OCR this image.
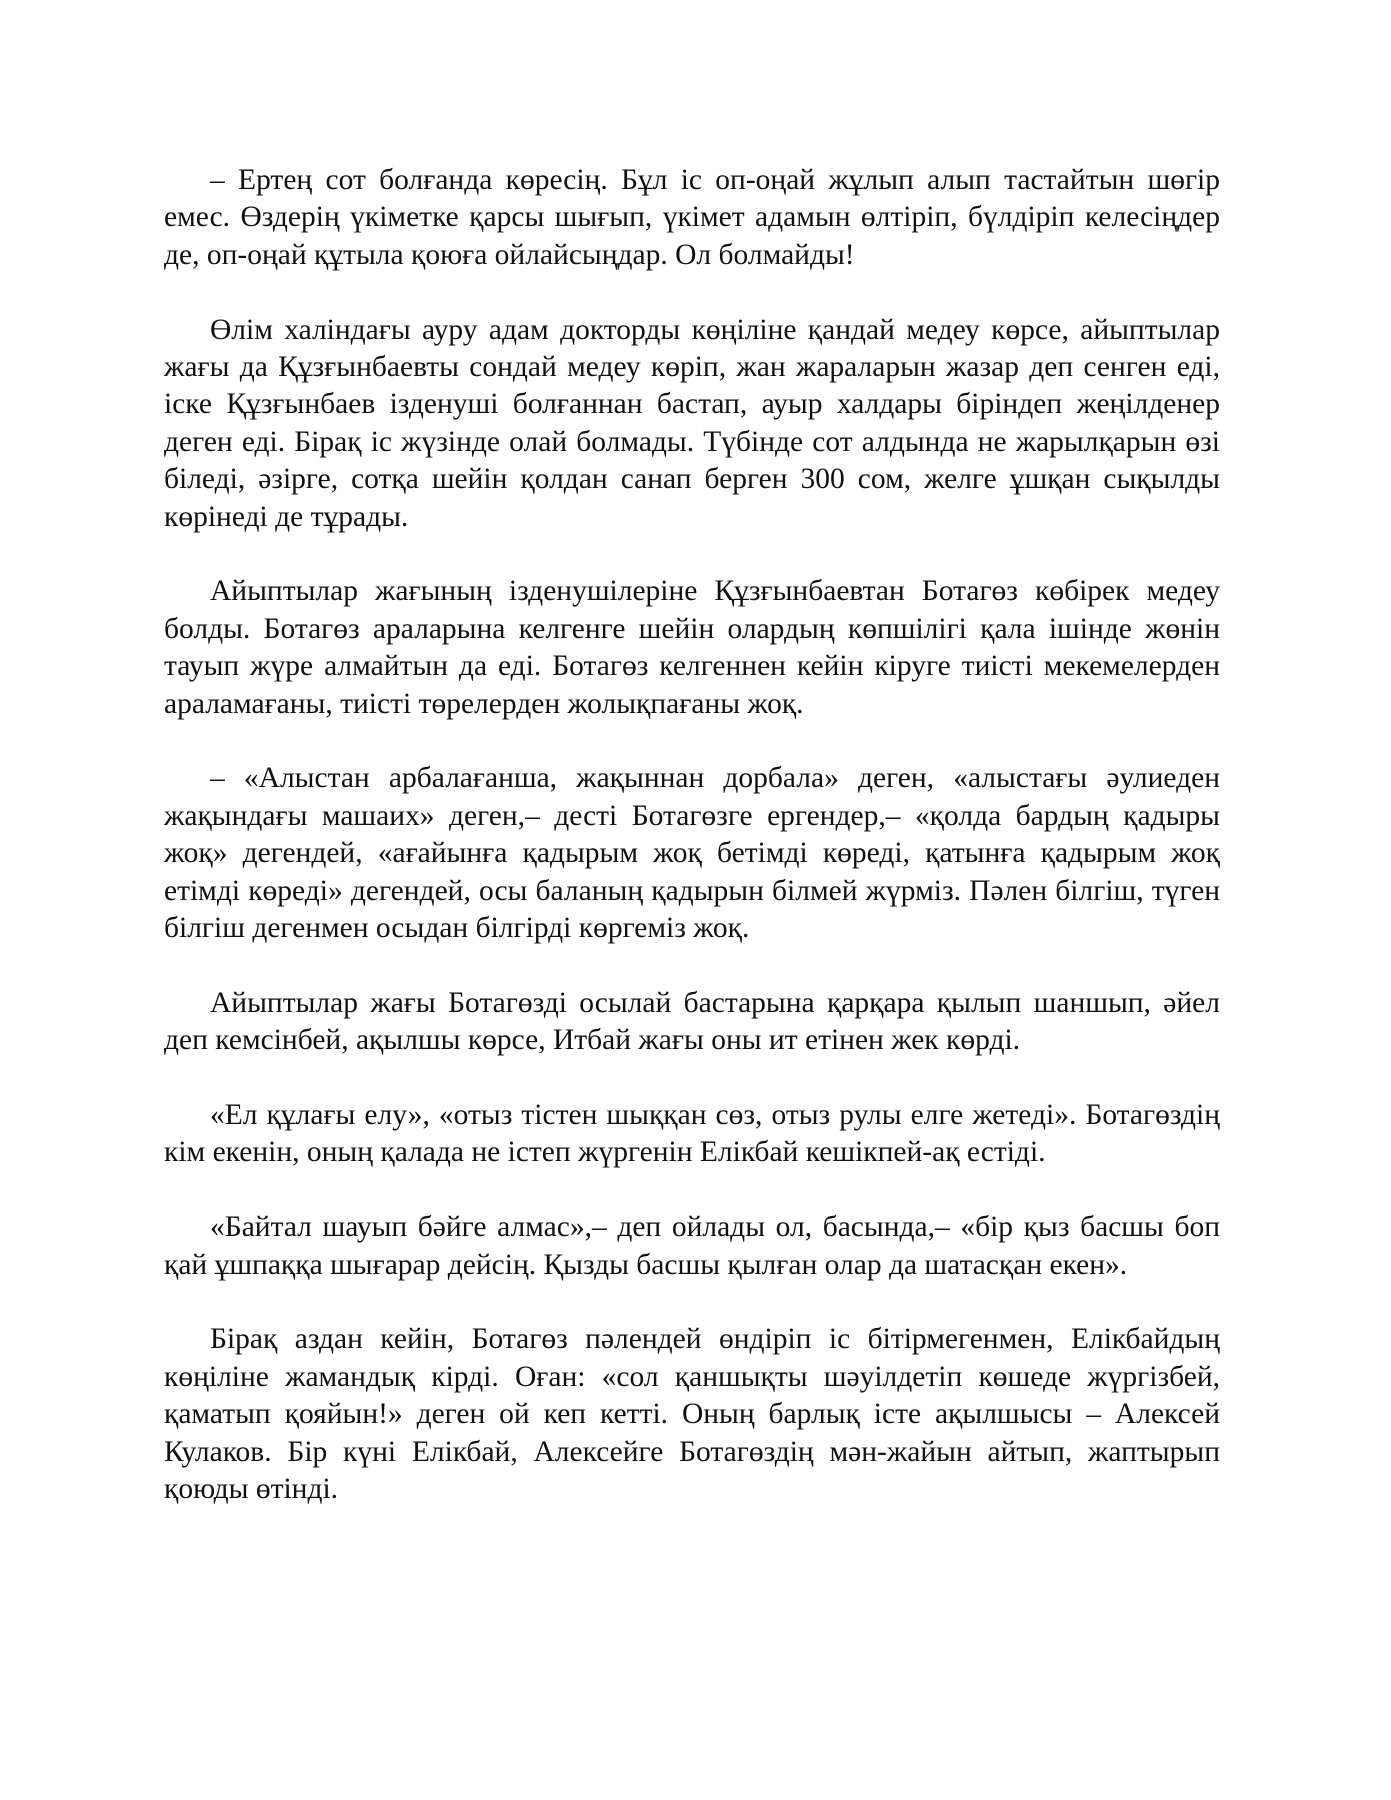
– Ертең сот болғанда көресің. Бұл іс оп-оңай жұлып алып тастайтын шөгір емес. Өздерің үкіметке қарсы шығып, үкімет адамын өлтіріп, бүлдіріп келесіңдер де, оп-оңай құтыла қоюға ойлайсыңдар. Ол болмайды!

Өлім халіндағы ауру адам докторды көңіліне қандай медеу көрсе, айыптылар жағы да Құзғынбаевты сондай медеу көріп, жан жараларын жазар деп сенген еді, іске Құзғынбаев ізденуші болғаннан бастап, ауыр халдары біріндеп жеңілденер деген еді. Бірақ іс жүзінде олай болмады. Түбінде сот алдында не жарылқарын өзі біледі, әзірге, сотқа шейін қолдан санап берген 300 сом, желге ұшқан сықылды көрінеді де тұрады.

Айыптылар жағының ізденушілеріне Құзғынбаевтан Ботагөз көбірек медеу болды. Ботагөз араларына келгенге шейін олардың көпшілігі қала ішінде жөнін тауып жүре алмайтын да еді. Ботагөз келгеннен кейін кіруге тиісті мекемелерден араламағаны, тиісті төрелерден жолықпағаны жоқ.

– «Алыстан арбалағанша, жақыннан дорбала» деген, «алыстағы әулиеден жақындағы машаих» деген,– десті Ботагөзге ергендер,– «қолда бардың қадыры жоқ» дегендей, «ағайынға қадырым жоқ бетімді көреді, қатынға қадырым жоқ етімді көреді» дегендей, осы баланың қадырын білмей жүрміз. Пәлен білгіш, түген білгіш дегенмен осыдан білгірді көргеміз жоқ.

Айыптылар жағы Ботагөзді осылай бастарына қарқара қылып шаншып, әйел деп кемсінбей, ақылшы көрсе, Итбай жағы оны ит етінен жек көрді.

«Ел құлағы елу», «отыз тістен шыққан сөз, отыз рулы елге жетеді». Ботагөздің кім екенін, оның қалада не істеп жүргенін Елікбай кешікпей-ақ естіді.

«Байтал шауып бәйге алмас»,– деп ойлады ол, басында,– «бір қыз басшы боп қай ұшпаққа шығарар дейсің. Қызды басшы қылған олар да шатасқан екен».

Бірақ аздан кейін, Ботагөз пәлендей өндіріп іс бітірмегенмен, Елікбайдың көңіліне жамандық кірді. Оған: «сол қаншықты шәуілдетіп көшеде жүргізбей, қаматып қояйын!» деген ой кеп кетті. Оның барлық істе ақылшысы – Алексей Кулаков. Бір күні Елікбай, Алексейге Ботагөздің мән-жайын айтып, жаптырып қоюды өтінді.
